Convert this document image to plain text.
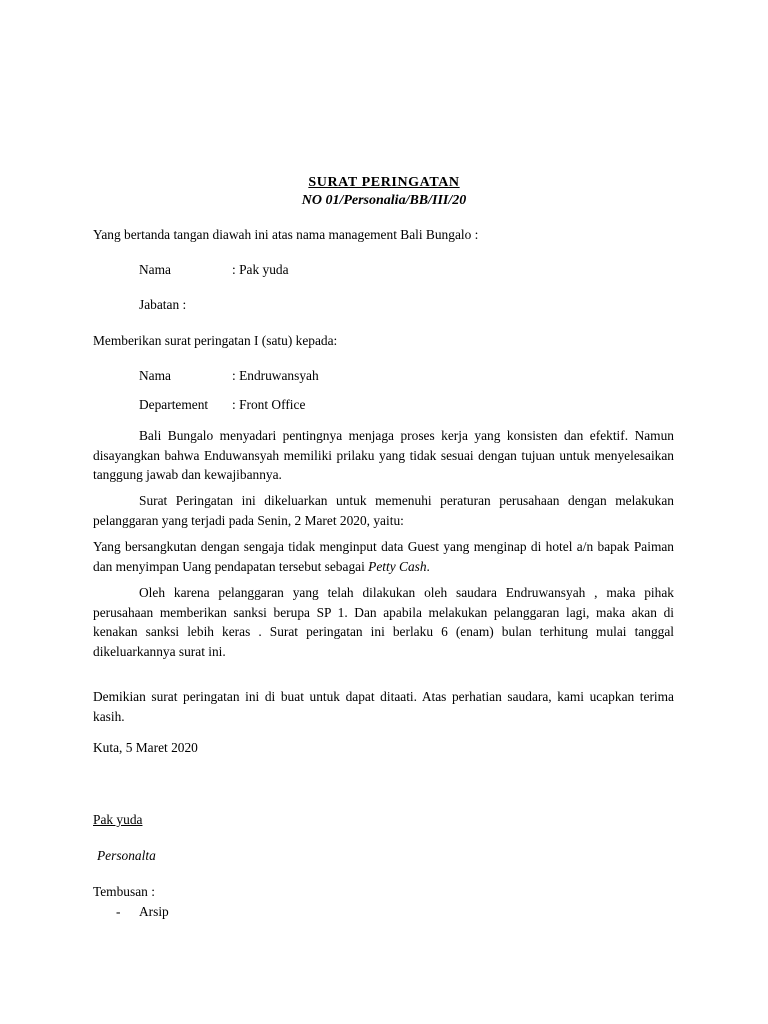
SURAT PERINGATAN

NO 01/Personalia/BB/III/20

Yang bertanda tangan diawah ini atas nama management Bali Bungalo :

Nama	: Pak yuda

Jabatan :

Memberikan surat peringatan I (satu) kepada:

Nama	: Endruwansyah

Departement : Front Office

Bali Bungalo menyadari pentingnya menjaga proses kerja yang konsisten dan efektif. Namun disayangkan bahwa Enduwansyah memiliki prilaku yang tidak sesuai dengan tujuan untuk menyelesaikan tanggung jawab dan kewajibannya.

Surat Peringatan ini dikeluarkan untuk memenuhi peraturan perusahaan dengan melakukan pelanggaran yang terjadi pada Senin, 2 Maret 2020, yaitu:

Yang bersangkutan dengan sengaja tidak menginput data Guest yang menginap di hotel a/n bapak Paiman dan menyimpan Uang pendapatan tersebut sebagai Petty Cash.

Oleh karena pelanggaran yang telah dilakukan oleh saudara Endruwansyah , maka pihak perusahaan memberikan sanksi berupa SP 1. Dan apabila melakukan pelanggaran lagi, maka akan di kenakan sanksi lebih keras . Surat peringatan ini berlaku 6 (enam) bulan terhitung mulai tanggal dikeluarkannya surat ini.

Demikian surat peringatan ini di buat untuk dapat ditaati. Atas perhatian saudara, kami ucapkan terima kasih.

Kuta, 5 Maret 2020

Pak yuda

Personalta

Tembusan :

- Arsip
